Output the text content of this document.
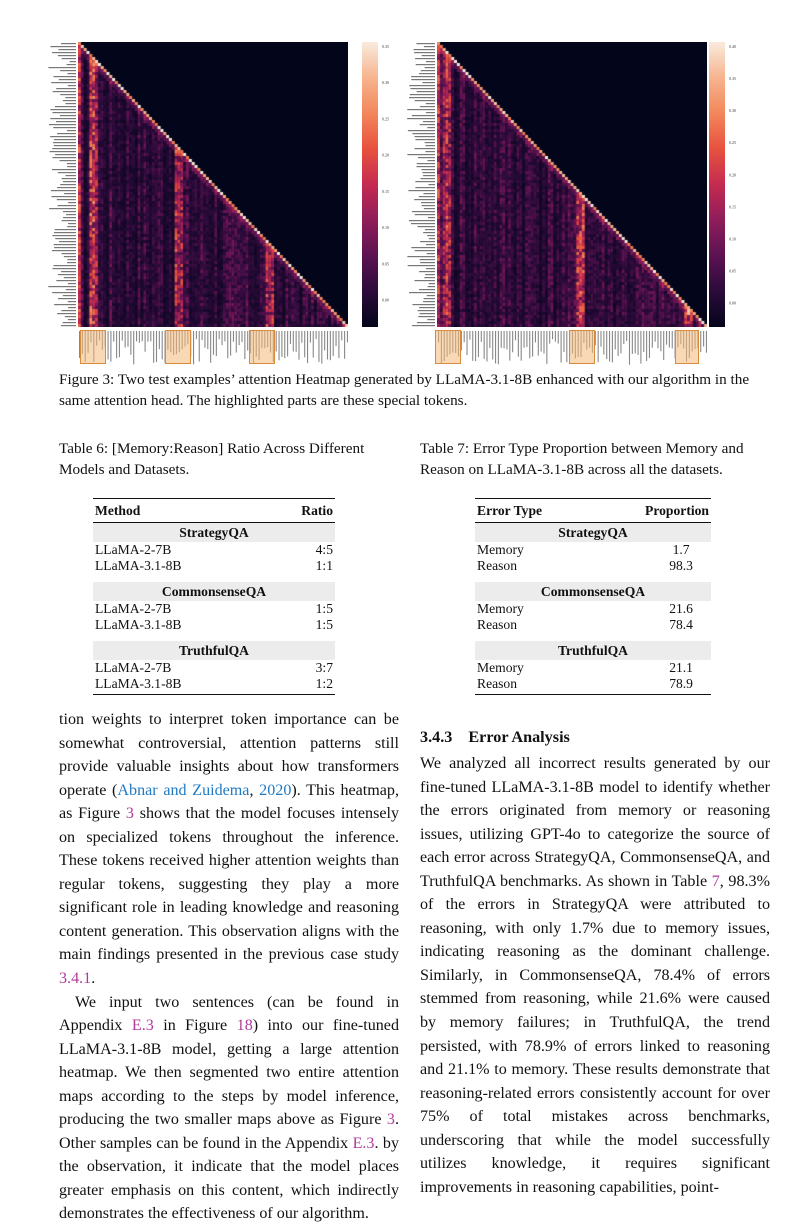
0.35
0.30
0.25
0.20
0.15
0.10
0.05
0.00
0.40
0.35
0.30
0.25
0.20
0.15
0.10
0.05
0.00
Figure 3: Two test examples’ attention Heatmap generated by LLaMA-3.1-8B enhanced with our algorithm in the same attention head. The highlighted parts are these special tokens.
Table 6: [Memory:Reason] Ratio Across Different Models and Datasets.
Method	Ratio
StrategyQA	
LLaMA-2-7B	4:5
LLaMA-3.1-8B	1:1

CommonsenseQA	
LLaMA-2-7B	1:5
LLaMA-3.1-8B	1:5

TruthfulQA	
LLaMA-2-7B	3:7
LLaMA-3.1-8B	1:2
Table 7: Error Type Proportion between Memory and Reason on LLaMA-3.1-8B across all the datasets.
Error Type	Proportion
StrategyQA	
Memory	1.7
Reason	98.3

CommonsenseQA	
Memory	21.6
Reason	78.4

TruthfulQA	
Memory	21.1
Reason	78.9

tion weights to interpret token importance can be somewhat controversial, attention patterns still provide valuable insights about how transformers operate (Abnar and Zuidema, 2020). This heatmap, as Figure 3 shows that the model focuses intensely on specialized tokens throughout the inference. These tokens received higher attention weights than regular tokens, suggesting they play a more significant role in leading knowledge and reasoning content generation. This observation aligns with the main findings presented in the previous case study 3.4.1.

We input two sentences (can be found in Appendix E.3 in Figure 18) into our fine-tuned LLaMA-3.1-8B model, getting a large attention heatmap. We then segmented two entire attention maps according to the steps by model inference, producing the two smaller maps above as Figure 3. Other samples can be found in the Appendix E.3. by the observation, it indicate that the model places greater emphasis on this content, which indirectly demonstrates the effectiveness of our algorithm.

3.4.3 Error Analysis

We analyzed all incorrect results generated by our fine-tuned LLaMA-3.1-8B model to identify whether the errors originated from memory or reasoning issues, utilizing GPT-4o to categorize the source of each error across StrategyQA, CommonsenseQA, and TruthfulQA benchmarks. As shown in Table 7, 98.3% of the errors in StrategyQA were attributed to reasoning, with only 1.7% due to memory issues, indicating reasoning as the dominant challenge. Similarly, in CommonsenseQA, 78.4% of errors stemmed from reasoning, while 21.6% were caused by memory failures; in TruthfulQA, the trend persisted, with 78.9% of errors linked to reasoning and 21.1% to memory. These results demonstrate that reasoning-related errors consistently account for over 75% of total mistakes across benchmarks, underscoring that while the model successfully utilizes knowledge, it requires significant improvements in reasoning capabilities, point-
